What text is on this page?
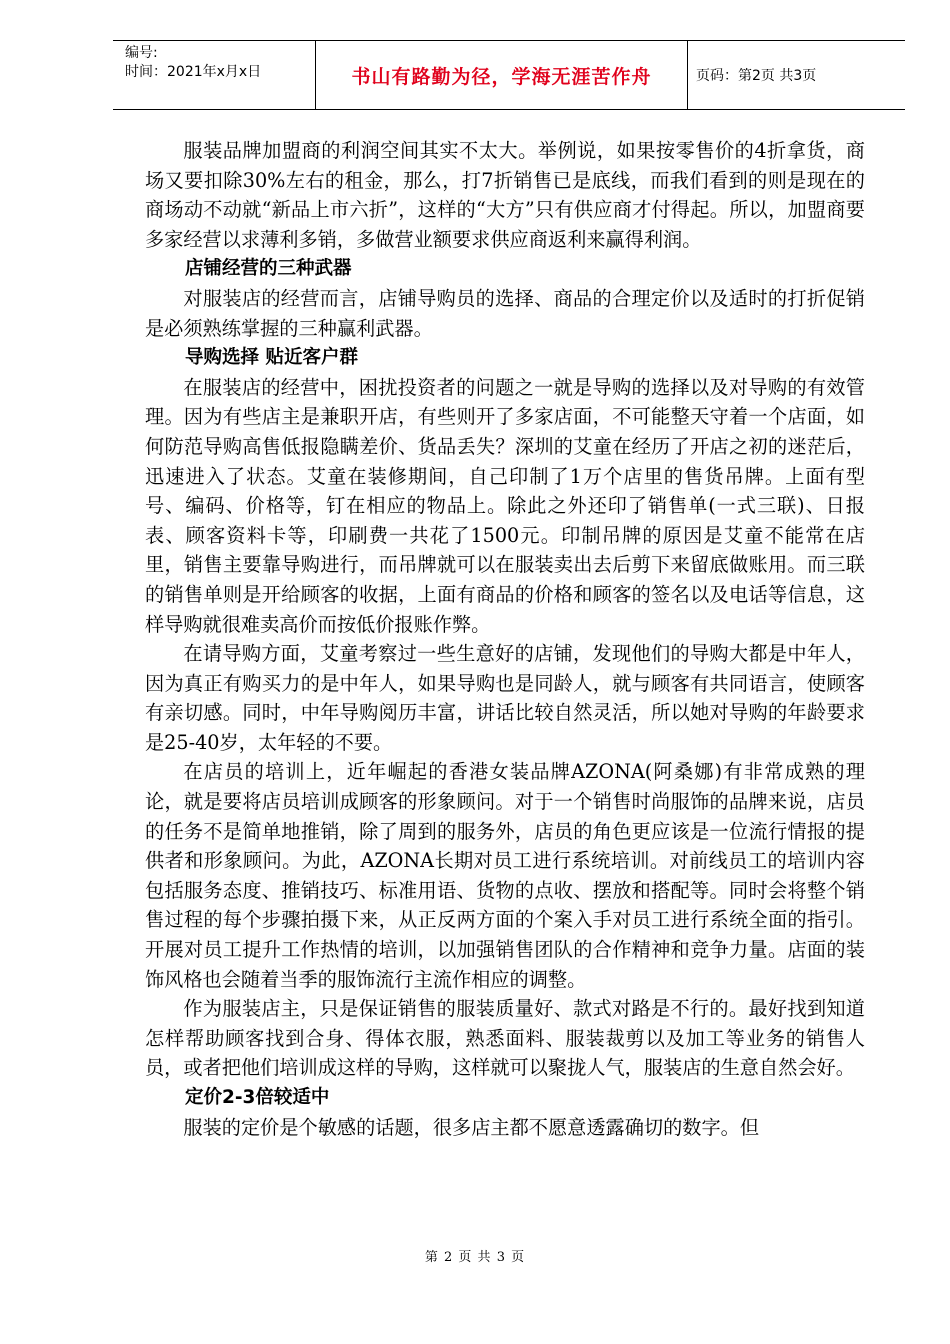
编号:
时间：2021年x月x日	书山有路勤为径，学海无涯苦作舟	页码：第2页 共3页

服装品牌加盟商的利润空间其实不太大。举例说，如果按零售价的4折拿货，商场又要扣除30%左右的租金，那么，打7折销售已是底线，而我们看到的则是现在的商场动不动就“新品上市六折”，这样的“大方”只有供应商才付得起。所以，加盟商要多家经营以求薄利多销，多做营业额要求供应商返利来赢得利润。

店铺经营的三种武器

对服装店的经营而言，店铺导购员的选择、商品的合理定价以及适时的打折促销是必须熟练掌握的三种赢利武器。

导购选择 贴近客户群

在服装店的经营中，困扰投资者的问题之一就是导购的选择以及对导购的有效管理。因为有些店主是兼职开店，有些则开了多家店面，不可能整天守着一个店面，如何防范导购高售低报隐瞒差价、货品丢失？深圳的艾童在经历了开店之初的迷茫后，迅速进入了状态。艾童在装修期间，自己印制了1万个店里的售货吊牌。上面有型号、编码、价格等，钉在相应的物品上。除此之外还印了销售单(一式三联)、日报表、顾客资料卡等，印刷费一共花了1500元。印制吊牌的原因是艾童不能常在店里，销售主要靠导购进行，而吊牌就可以在服装卖出去后剪下来留底做账用。而三联的销售单则是开给顾客的收据，上面有商品的价格和顾客的签名以及电话等信息，这样导购就很难卖高价而按低价报账作弊。

在请导购方面，艾童考察过一些生意好的店铺，发现他们的导购大都是中年人，因为真正有购买力的是中年人，如果导购也是同龄人，就与顾客有共同语言，使顾客有亲切感。同时，中年导购阅历丰富，讲话比较自然灵活，所以她对导购的年龄要求是25-40岁，太年轻的不要。

在店员的培训上，近年崛起的香港女装品牌AZONA(阿桑娜)有非常成熟的理论，就是要将店员培训成顾客的形象顾问。对于一个销售时尚服饰的品牌来说，店员的任务不是简单地推销，除了周到的服务外，店员的角色更应该是一位流行情报的提供者和形象顾问。为此，AZONA长期对员工进行系统培训。对前线员工的培训内容包括服务态度、推销技巧、标准用语、货物的点收、摆放和搭配等。同时会将整个销售过程的每个步骤拍摄下来，从正反两方面的个案入手对员工进行系统全面的指引。开展对员工提升工作热情的培训，以加强销售团队的合作精神和竞争力量。店面的装饰风格也会随着当季的服饰流行主流作相应的调整。

作为服装店主，只是保证销售的服装质量好、款式对路是不行的。最好找到知道怎样帮助顾客找到合身、得体衣服，熟悉面料、服装裁剪以及加工等业务的销售人员，或者把他们培训成这样的导购，这样就可以聚拢人气，服装店的生意自然会好。

定价2-3倍较适中

服装的定价是个敏感的话题，很多店主都不愿意透露确切的数字。但

第 2 页 共 3 页
